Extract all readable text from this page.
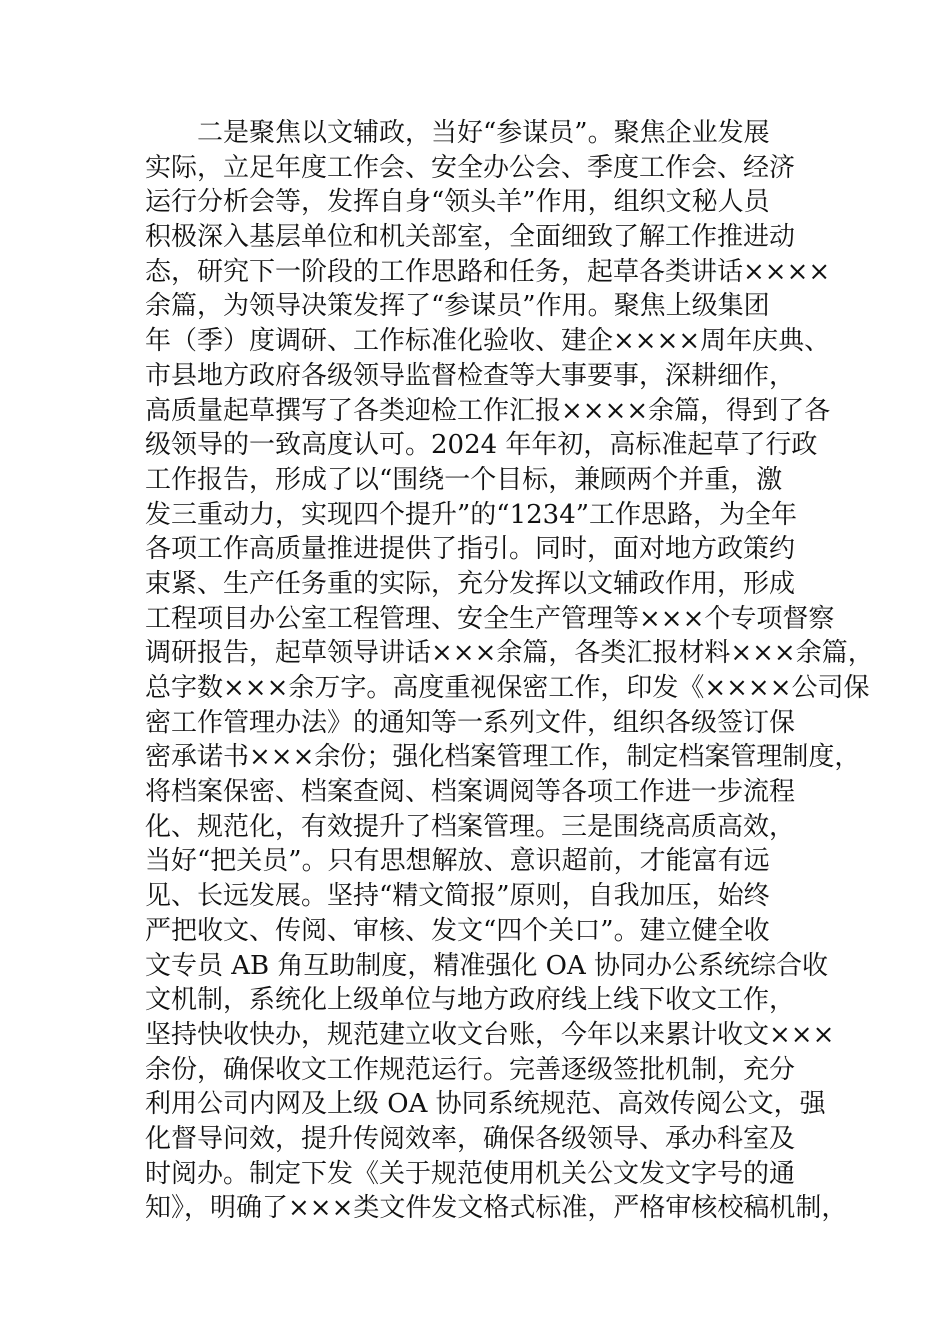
二是聚焦以文辅政，当好“参谋员”。聚焦企业发展
实际，立足年度工作会、安全办公会、季度工作会、经济
运行分析会等，发挥自身“领头羊”作用，组织文秘人员
积极深入基层单位和机关部室，全面细致了解工作推进动
态，研究下一阶段的工作思路和任务，起草各类讲话××××
余篇，为领导决策发挥了“参谋员”作用。聚焦上级集团
年（季）度调研、工作标准化验收、建企××××周年庆典、
市县地方政府各级领导监督检查等大事要事，深耕细作，
高质量起草撰写了各类迎检工作汇报××××余篇，得到了各
级领导的一致高度认可。2024 年年初，高标准起草了行政
工作报告，形成了以“围绕一个目标，兼顾两个并重，激
发三重动力，实现四个提升”的“1234”工作思路，为全年
各项工作高质量推进提供了指引。同时，面对地方政策约
束紧、生产任务重的实际，充分发挥以文辅政作用，形成
工程项目办公室工程管理、安全生产管理等×××个专项督察
调研报告，起草领导讲话×××余篇，各类汇报材料×××余篇，
总字数×××余万字。高度重视保密工作，印发《××××公司保
密工作管理办法》的通知等一系列文件，组织各级签订保
密承诺书×××余份；强化档案管理工作，制定档案管理制度，
将档案保密、档案查阅、档案调阅等各项工作进一步流程
化、规范化，有效提升了档案管理。三是围绕高质高效，
当好“把关员”。只有思想解放、意识超前，才能富有远
见、长远发展。坚持“精文简报”原则，自我加压，始终
严把收文、传阅、审核、发文“四个关口”。建立健全收
文专员 AB 角互助制度，精准强化 OA 协同办公系统综合收
文机制，系统化上级单位与地方政府线上线下收文工作，
坚持快收快办，规范建立收文台账，今年以来累计收文×××
余份，确保收文工作规范运行。完善逐级签批机制，充分
利用公司内网及上级 OA 协同系统规范、高效传阅公文，强
化督导问效，提升传阅效率，确保各级领导、承办科室及
时阅办。制定下发《关于规范使用机关公文发文字号的通
知》，明确了×××类文件发文格式标准，严格审核校稿机制，
